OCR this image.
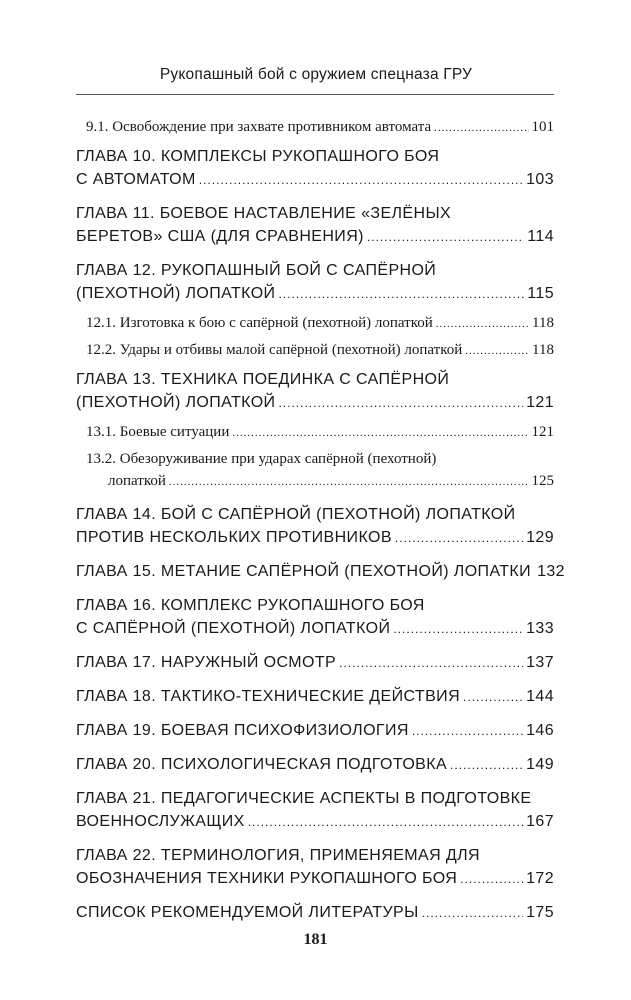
Рукопашный бой с оружием спецназа ГРУ
9.1. Освобождение при захвате противником автомата .....	101
ГЛАВА 10. КОМПЛЕКСЫ РУКОПАШНОГО БОЯ
С АВТОМАТОМ .....	103
ГЛАВА 11. БОЕВОЕ НАСТАВЛЕНИЕ «ЗЕЛЁНЫХ
БЕРЕТОВ» США (ДЛЯ СРАВНЕНИЯ) .....	114
ГЛАВА 12. РУКОПАШНЫЙ БОЙ С САПЁРНОЙ
(ПЕХОТНОЙ) ЛОПАТКОЙ .....	115
12.1. Изготовка к бою с сапёрной (пехотной) лопаткой .....	118
12.2. Удары и отбивы малой сапёрной (пехотной) лопаткой .....	118
ГЛАВА 13. ТЕХНИКА ПОЕДИНКА С САПЁРНОЙ
(ПЕХОТНОЙ) ЛОПАТКОЙ .....	121
13.1. Боевые ситуации .....	121
13.2. Обезоруживание при ударах сапёрной (пехотной)
лопаткой .....	125
ГЛАВА 14. БОЙ С САПЁРНОЙ (ПЕХОТНОЙ) ЛОПАТКОЙ
ПРОТИВ НЕСКОЛЬКИХ ПРОТИВНИКОВ .....	129
ГЛАВА 15. МЕТАНИЕ САПЁРНОЙ (ПЕХОТНОЙ) ЛОПАТКИ 132
ГЛАВА 16. КОМПЛЕКС РУКОПАШНОГО БОЯ
С САПЁРНОЙ (ПЕХОТНОЙ) ЛОПАТКОЙ .....	133
ГЛАВА 17. НАРУЖНЫЙ ОСМОТР .....	137
ГЛАВА 18. ТАКТИКО-ТЕХНИЧЕСКИЕ ДЕЙСТВИЯ .....	144
ГЛАВА 19. БОЕВАЯ ПСИХОФИЗИОЛОГИЯ .....	146
ГЛАВА 20. ПСИХОЛОГИЧЕСКАЯ ПОДГОТОВКА .....	149
ГЛАВА 21. ПЕДАГОГИЧЕСКИЕ АСПЕКТЫ В ПОДГОТОВКЕ
ВОЕННОСЛУЖАЩИХ .....	167
ГЛАВА 22. ТЕРМИНОЛОГИЯ, ПРИМЕНЯЕМАЯ ДЛЯ
ОБОЗНАЧЕНИЯ ТЕХНИКИ РУКОПАШНОГО БОЯ .....	172
СПИСОК РЕКОМЕНДУЕМОЙ ЛИТЕРАТУРЫ .....	175
181
